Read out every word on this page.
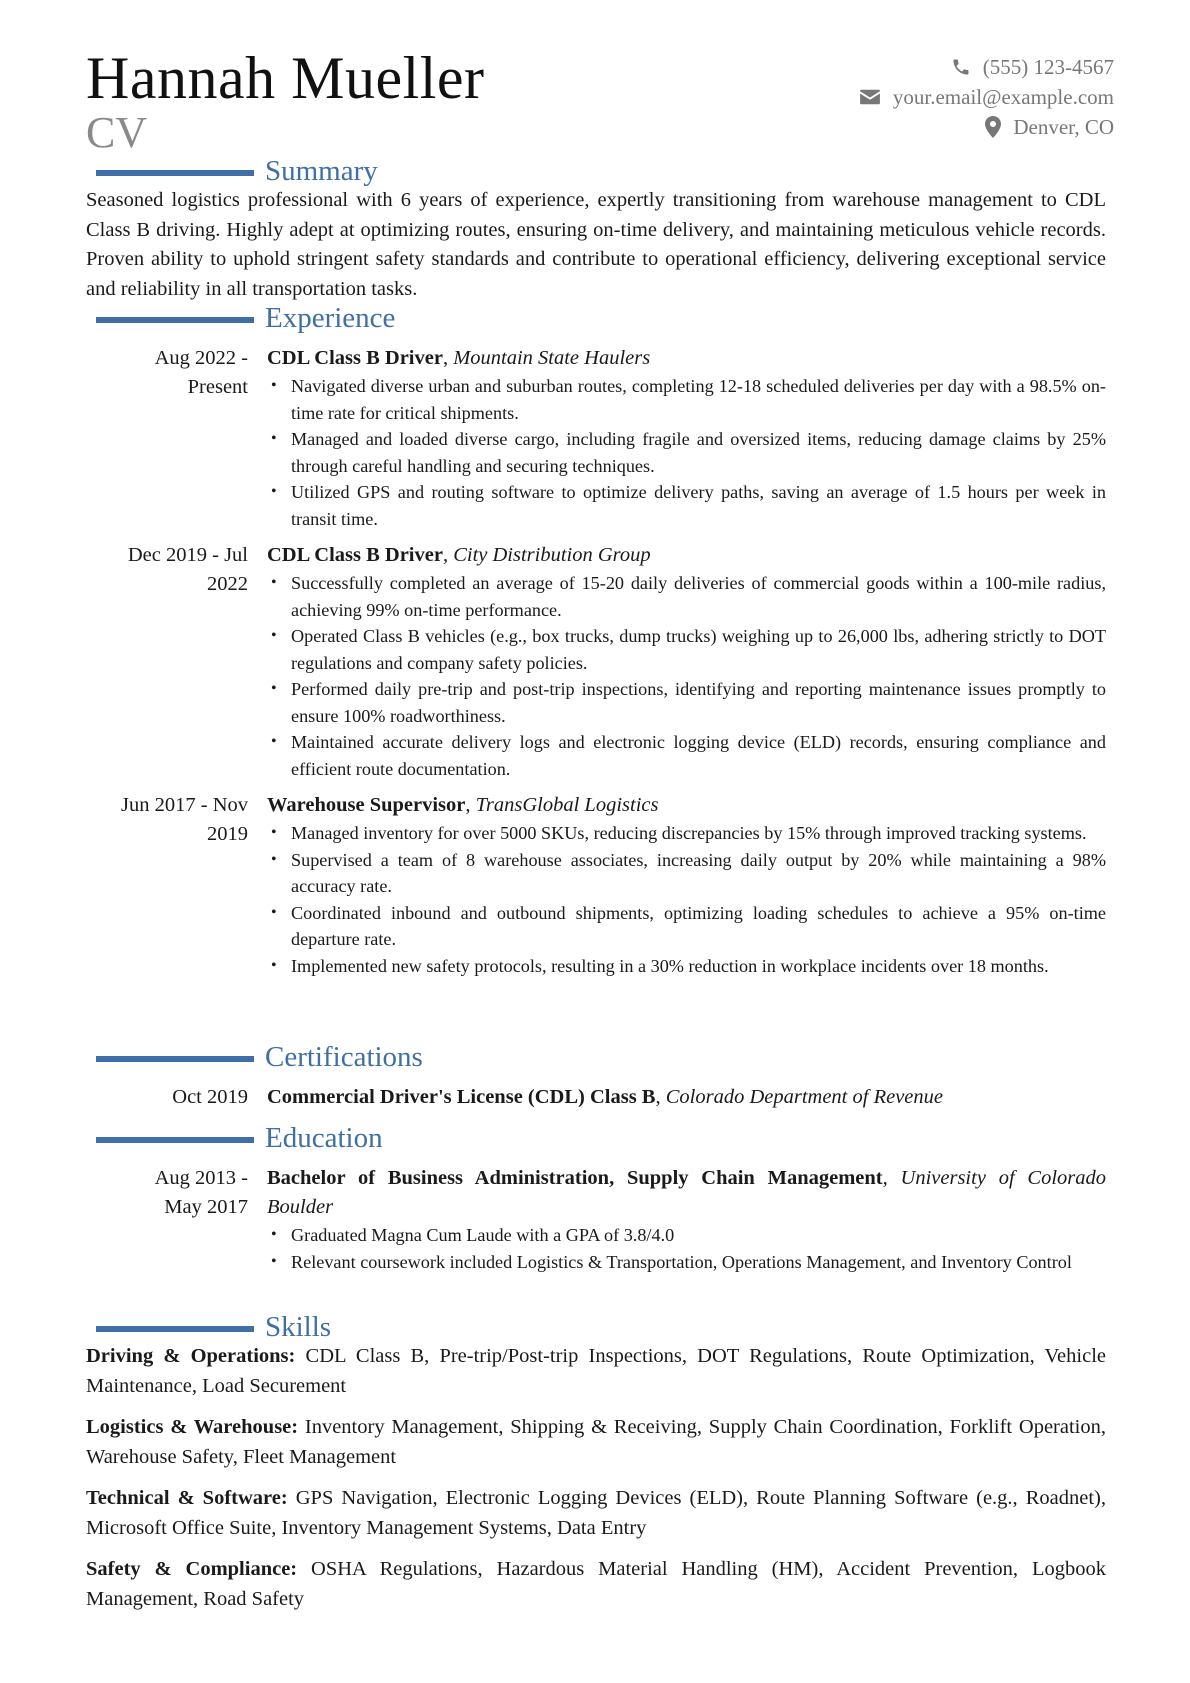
Hannah Mueller
CV
(555) 123-4567
your.email@example.com
Denver, CO
Summary
Seasoned logistics professional with 6 years of experience, expertly transitioning from warehouse management to CDL Class B driving. Highly adept at optimizing routes, ensuring on-time delivery, and maintaining meticulous vehicle records. Proven ability to uphold stringent safety standards and contribute to operational efficiency, delivering exceptional service and reliability in all transportation tasks.
Experience
Aug 2022 -
Present
CDL Class B Driver, Mountain State Haulers
• Navigated diverse urban and suburban routes, completing 12-18 scheduled deliveries per day with a 98.5% on-time rate for critical shipments.
• Managed and loaded diverse cargo, including fragile and oversized items, reducing damage claims by 25% through careful handling and securing techniques.
• Utilized GPS and routing software to optimize delivery paths, saving an average of 1.5 hours per week in transit time.
Dec 2019 - Jul
2022
CDL Class B Driver, City Distribution Group
• Successfully completed an average of 15-20 daily deliveries of commercial goods within a 100-mile radius, achieving 99% on-time performance.
• Operated Class B vehicles (e.g., box trucks, dump trucks) weighing up to 26,000 lbs, adhering strictly to DOT regulations and company safety policies.
• Performed daily pre-trip and post-trip inspections, identifying and reporting maintenance issues promptly to ensure 100% roadworthiness.
• Maintained accurate delivery logs and electronic logging device (ELD) records, ensuring compliance and efficient route documentation.
Jun 2017 - Nov
2019
Warehouse Supervisor, TransGlobal Logistics
• Managed inventory for over 5000 SKUs, reducing discrepancies by 15% through improved tracking systems.
• Supervised a team of 8 warehouse associates, increasing daily output by 20% while maintaining a 98% accuracy rate.
• Coordinated inbound and outbound shipments, optimizing loading schedules to achieve a 95% on-time departure rate.
• Implemented new safety protocols, resulting in a 30% reduction in workplace incidents over 18 months.
Certifications
Oct 2019 Commercial Driver's License (CDL) Class B, Colorado Department of Revenue
Education
Aug 2013 -
May 2017
Bachelor of Business Administration, Supply Chain Management, University of Colorado Boulder
• Graduated Magna Cum Laude with a GPA of 3.8/4.0
• Relevant coursework included Logistics & Transportation, Operations Management, and Inventory Control
Skills
Driving & Operations: CDL Class B, Pre-trip/Post-trip Inspections, DOT Regulations, Route Optimization, Vehicle Maintenance, Load Securement
Logistics & Warehouse: Inventory Management, Shipping & Receiving, Supply Chain Coordination, Forklift Operation, Warehouse Safety, Fleet Management
Technical & Software: GPS Navigation, Electronic Logging Devices (ELD), Route Planning Software (e.g., Roadnet), Microsoft Office Suite, Inventory Management Systems, Data Entry
Safety & Compliance: OSHA Regulations, Hazardous Material Handling (HM), Accident Prevention, Logbook Management, Road Safety
